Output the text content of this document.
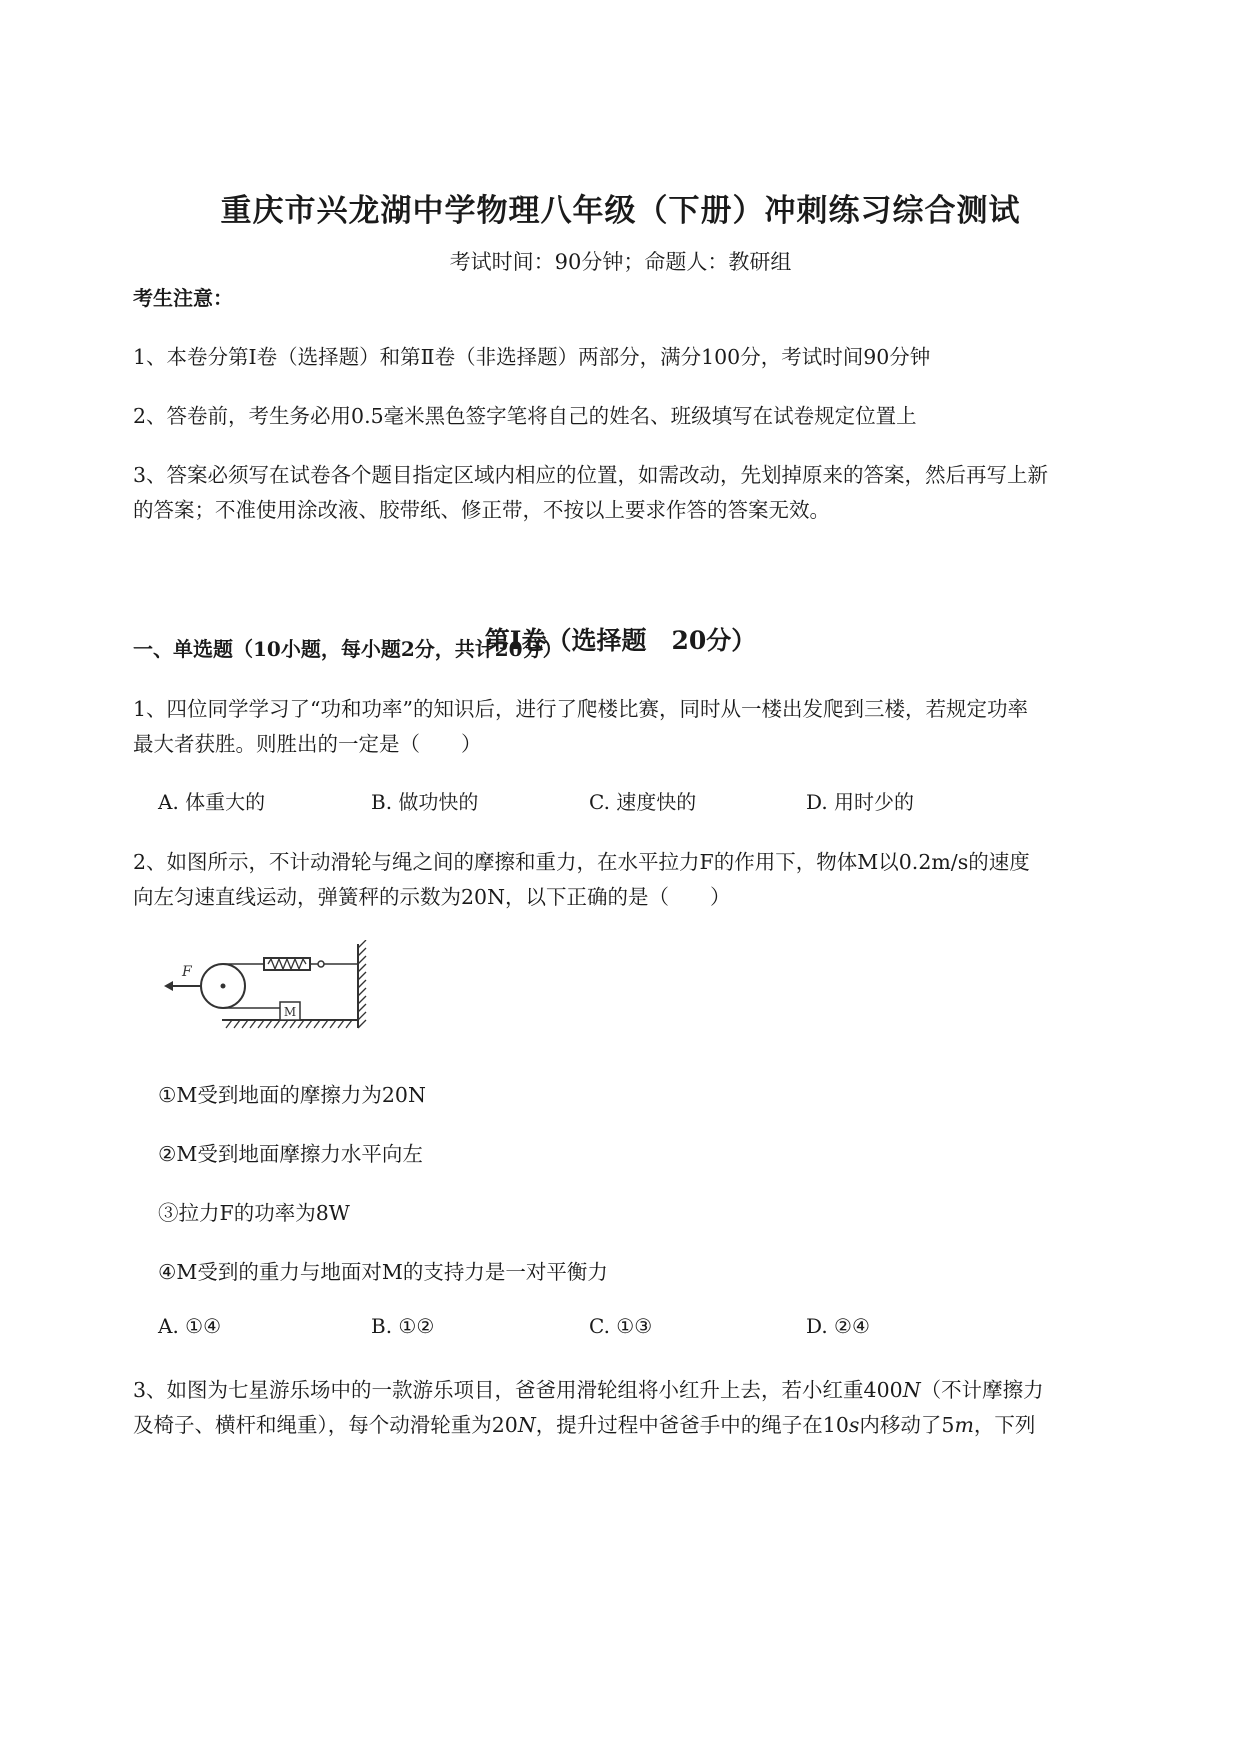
重庆市兴龙湖中学物理八年级（下册）冲刺练习综合测试
考试时间：90分钟；命题人：教研组
考生注意：
1、本卷分第Ⅰ卷（选择题）和第Ⅱ卷（非选择题）两部分，满分100分，考试时间90分钟
2、答卷前，考生务必用0.5毫米黑色签字笔将自己的姓名、班级填写在试卷规定位置上
3、答案必须写在试卷各个题目指定区域内相应的位置，如需改动，先划掉原来的答案，然后再写上新
的答案；不准使用涂改液、胶带纸、修正带，不按以上要求作答的答案无效。
第Ⅰ卷（选择题　20分）
一、单选题（10小题，每小题2分，共计20分）
1、四位同学学习了“功和功率”的知识后，进行了爬楼比赛，同时从一楼出发爬到三楼，若规定功率
最大者获胜。则胜出的一定是（　　）
A. 体重大的	B. 做功快的	C. 速度快的	D. 用时少的
2、如图所示，不计动滑轮与绳之间的摩擦和重力，在水平拉力F的作用下，物体M以0.2m/s的速度
向左匀速直线运动，弹簧秤的示数为20N，以下正确的是（　　）
M
F
①M受到地面的摩擦力为20N
②M受到地面摩擦力水平向左
③拉力F的功率为8W
④M受到的重力与地面对M的支持力是一对平衡力
A. ①④	B. ①②	C. ①③	D. ②④
3、如图为七星游乐场中的一款游乐项目，爸爸用滑轮组将小红升上去，若小红重400N（不计摩擦力
及椅子、横杆和绳重），每个动滑轮重为20N，提升过程中爸爸手中的绳子在10s内移动了5m，下列
